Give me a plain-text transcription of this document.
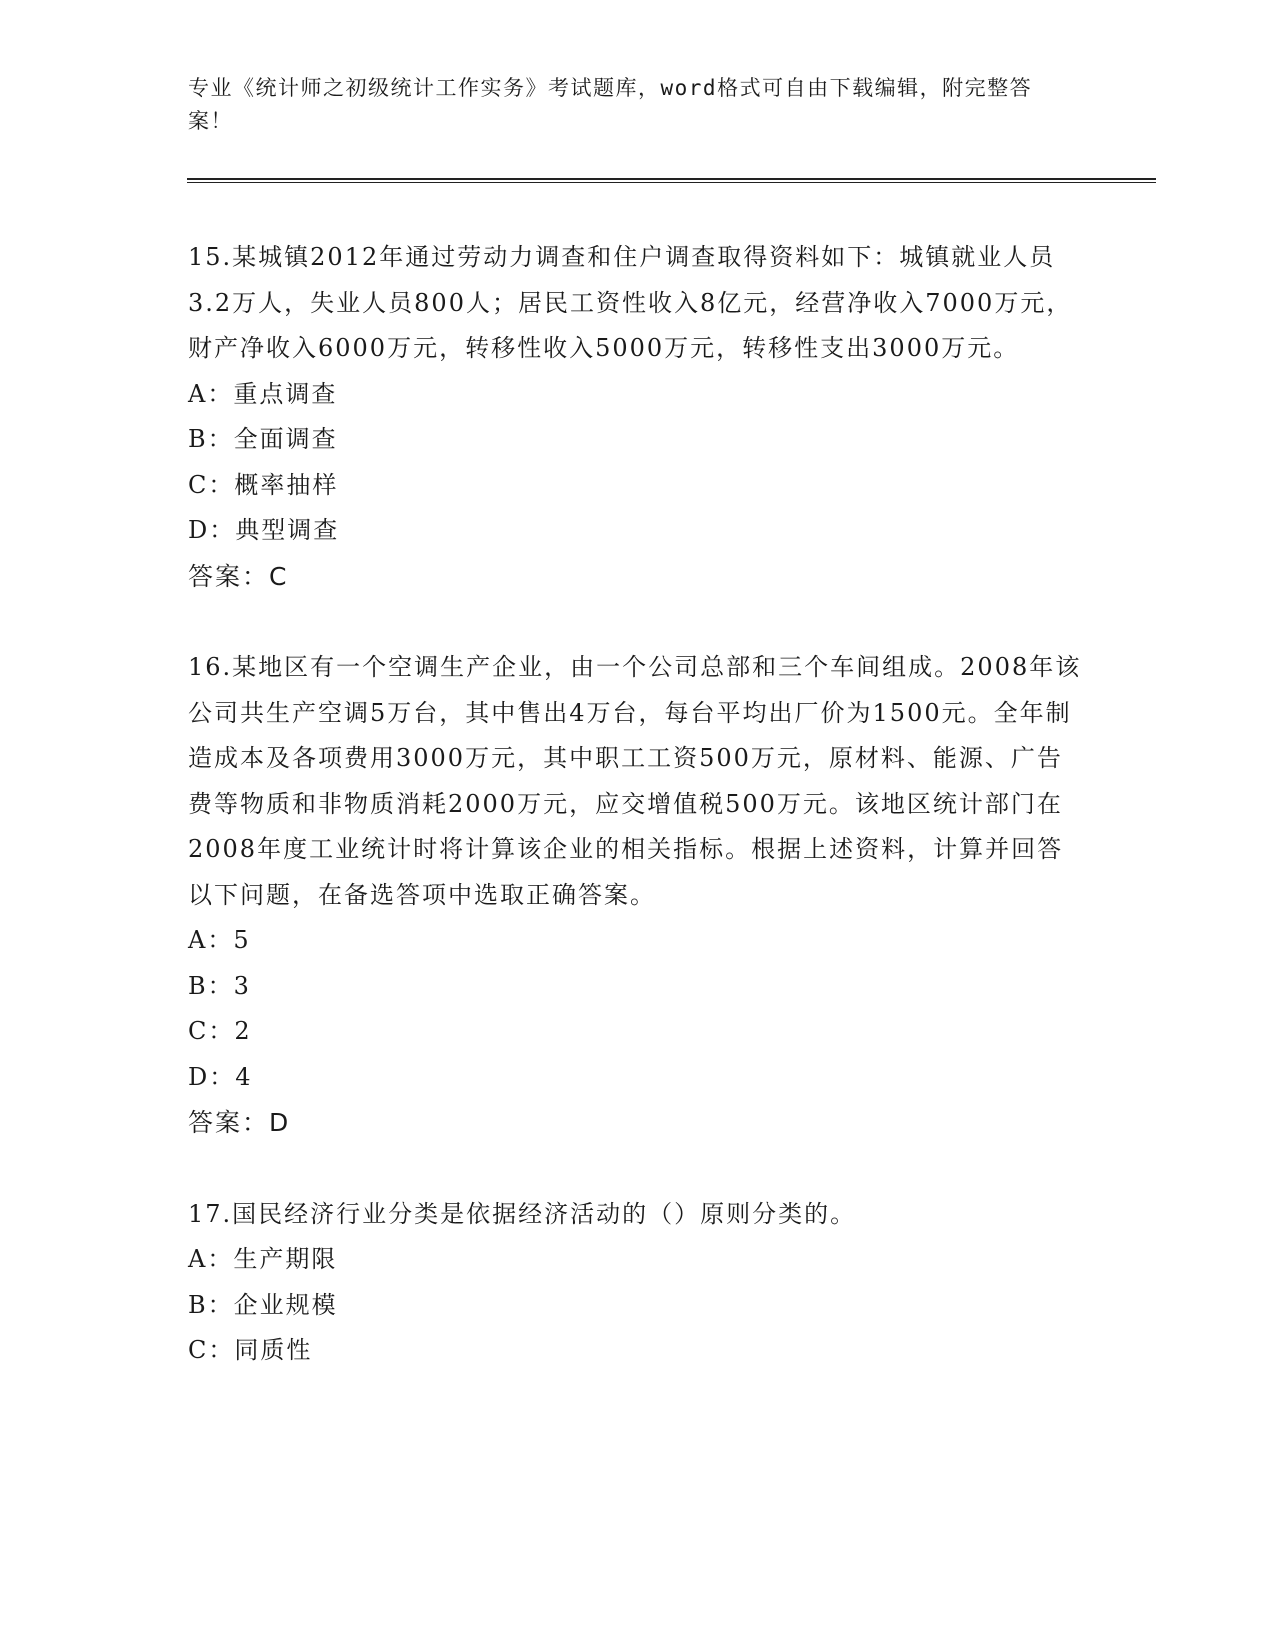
专业《统计师之初级统计工作实务》考试题库，word格式可自由下载编辑，附完整答案！

15.某城镇2012年通过劳动力调查和住户调查取得资料如下：城镇就业人员3.2万人，失业人员800人；居民工资性收入8亿元，经营净收入7000万元，财产净收入6000万元，转移性收入5000万元，转移性支出3000万元。

A：重点调查

B：全面调查

C：概率抽样

D：典型调查

答案：C

16.某地区有一个空调生产企业，由一个公司总部和三个车间组成。2008年该公司共生产空调5万台，其中售出4万台，每台平均出厂价为1500元。全年制造成本及各项费用3000万元，其中职工工资500万元，原材料、能源、广告费等物质和非物质消耗2000万元，应交增值税500万元。该地区统计部门在2008年度工业统计时将计算该企业的相关指标。根据上述资料，计算并回答以下问题，在备选答项中选取正确答案。

A：5

B：3

C：2

D：4

答案：D

17.国民经济行业分类是依据经济活动的（）原则分类的。

A：生产期限

B：企业规模

C：同质性
